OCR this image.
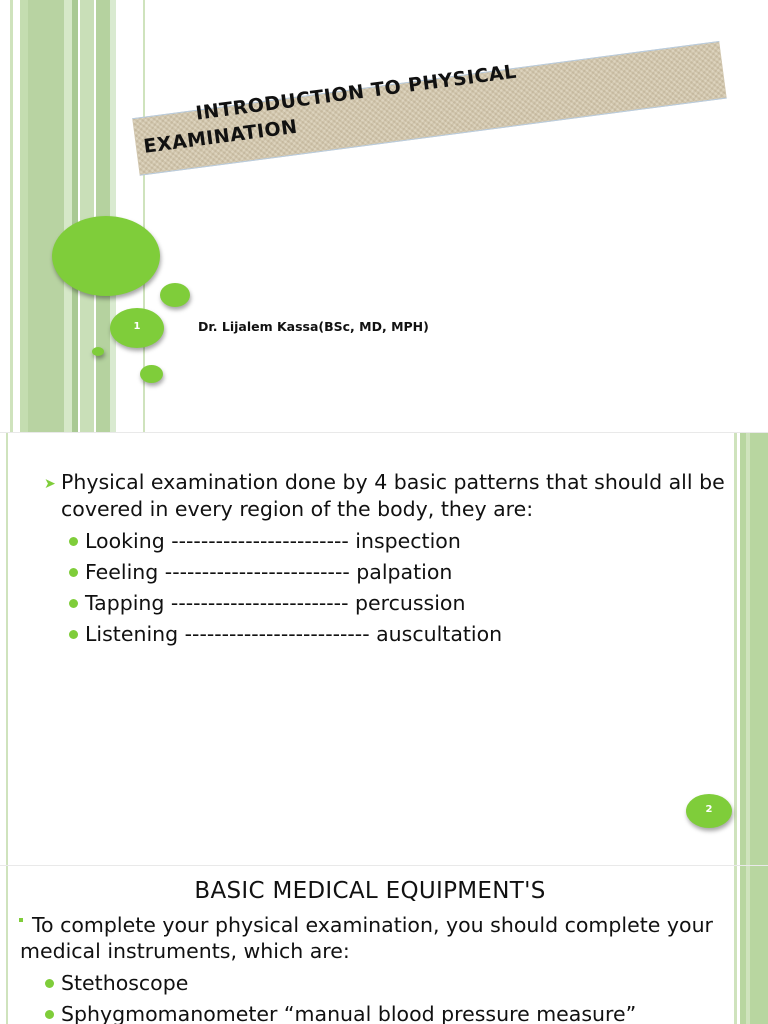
INTRODUCTION TO PHYSICAL
EXAMINATION
1	Dr. Lijalem Kassa(BSc, MD, MPH)
➤ Physical examination done by 4 basic patterns that should all be covered in every region of the body, they are:
Looking ------------------------ inspection
Feeling ------------------------- palpation
Tapping ------------------------ percussion
Listening ------------------------- auscultation
2
BASIC MEDICAL EQUIPMENT'S
To complete your physical examination, you should complete your medical instruments, which are:
Stethoscope
Sphygmomanometer “manual blood pressure measure”
